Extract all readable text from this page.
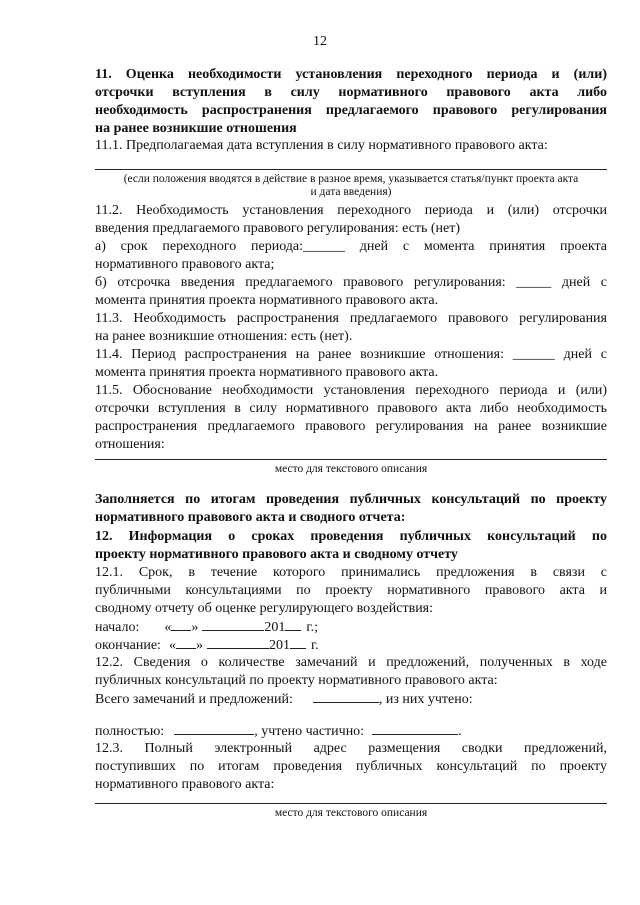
12

11. Оценка необходимости установления переходного периода и (или)

отсрочки вступления в силу нормативного правового акта либо

необходимость распространения предлагаемого правового регулирования

на ранее возникшие отношения

11.1. Предполагаемая дата вступления в силу нормативного правового акта:

(если положения вводятся в действие в разное время, указывается статья/пункт проекта акта

и дата введения)

11.2. Необходимость установления переходного периода и (или) отсрочки

введения предлагаемого правового регулирования: есть (нет)

а) срок переходного периода:______ дней с момента принятия проекта

нормативного правового акта;

б) отсрочка введения предлагаемого правового регулирования: _____ дней с

момента принятия проекта нормативного правового акта.

11.3. Необходимость распространения предлагаемого правового регулирования

на ранее возникшие отношения: есть (нет).

11.4. Период распространения на ранее возникшие отношения: ______ дней с

момента принятия проекта нормативного правового акта.

11.5. Обоснование необходимости установления переходного периода и (или)

отсрочки вступления в силу нормативного правового акта либо необходимость

распространения предлагаемого правового регулирования на ранее возникшие

отношения:

место для текстового описания

Заполняется по итогам проведения публичных консультаций по проекту

нормативного правового акта и сводного отчета:

12. Информация о сроках проведения публичных консультаций по

проекту нормативного правового акта и сводному отчету

12.1. Срок, в течение которого принимались предложения в связи с

публичными консультациями по проекту нормативного правового акта и

сводному отчету об оценке регулирующего воздействия:

начало: « »	201 г.;

окончание: « »	201 г.

12.2. Сведения о количестве замечаний и предложений, полученных в ходе

публичных консультаций по проекту нормативного правового акта:

Всего замечаний и предложений:	, из них учтено:

полностью:	, учтено частично:	.

12.3. Полный электронный адрес размещения сводки предложений,

поступивших по итогам проведения публичных консультаций по проекту

нормативного правового акта:

место для текстового описания
